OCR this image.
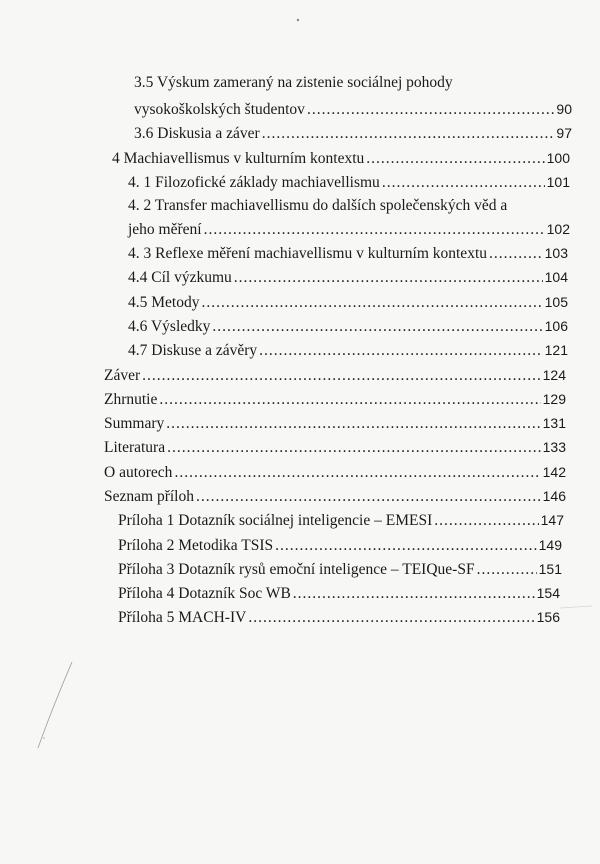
3.5 Výskum zameraný na zistenie sociálnej pohody
vysokoškolských študentov .....	90
3.6 Diskusia a záver .....	97
4 Machiavellismus v kulturním kontextu .....	100
4. 1 Filozofické základy machiavellismu .....	101
4. 2 Transfer machiavellismu do dalších společenských věd a
jeho měření .....	102
4. 3 Reflexe měření machiavellismu v kulturním kontextu .....	103
4.4 Cíl výzkumu .....	104
4.5 Metody .....	105
4.6 Výsledky .....	106
4.7 Diskuse a závěry .....	121
Záver .....	124
Zhrnutie .....	129
Summary .....	131
Literatura .....	133
O autorech .....	142
Seznam příloh .....	146
Príloha 1 Dotazník sociálnej inteligencie – EMESI .....	147
Príloha 2 Metodika TSIS .....	149
Příloha 3 Dotazník rysů emoční inteligence – TEIQue-SF .....	151
Příloha 4 Dotazník Soc WB .....	154
Příloha 5 MACH-IV .....	156
